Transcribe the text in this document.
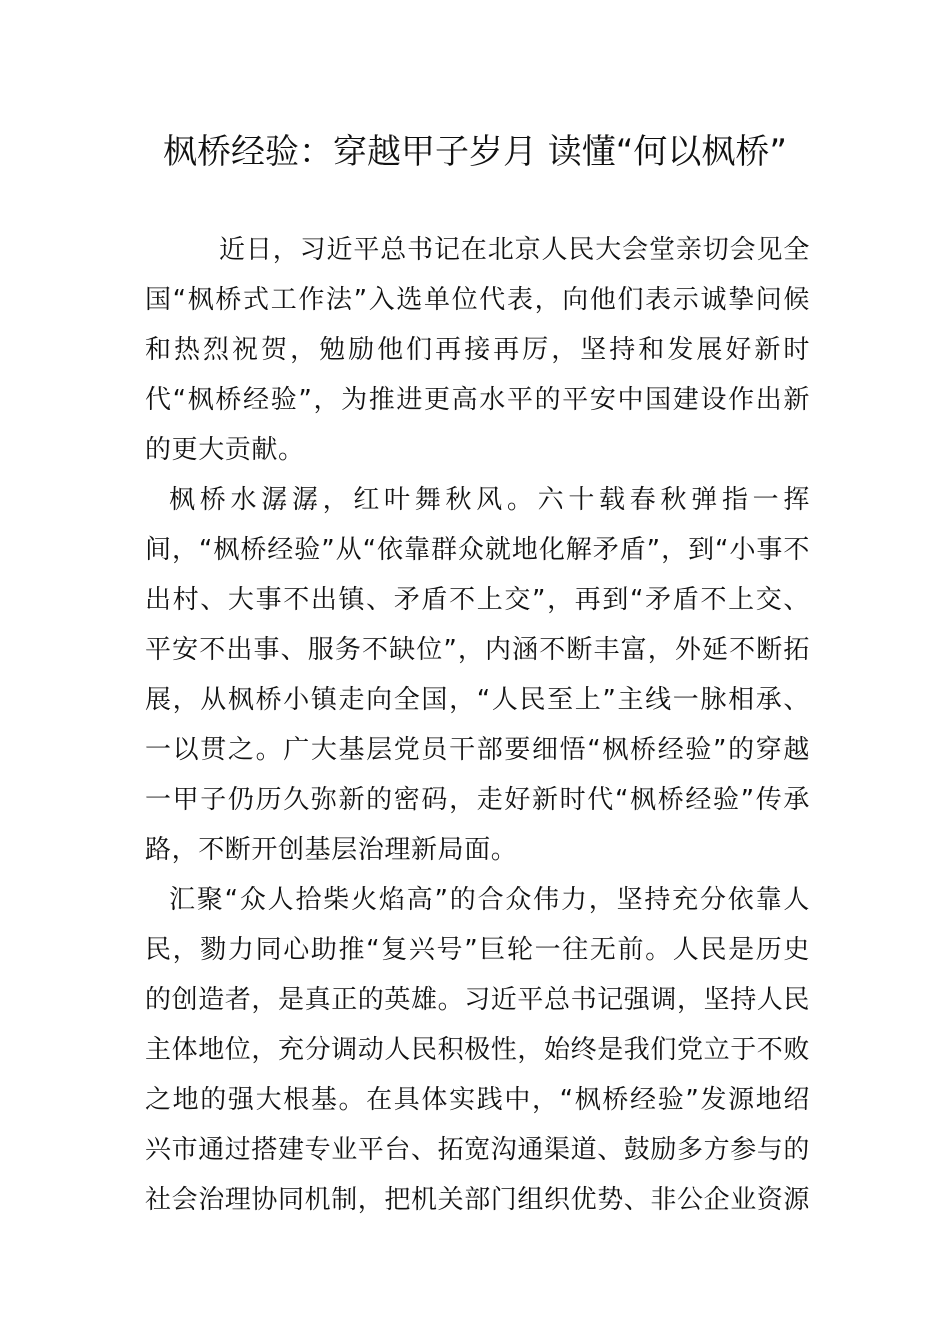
枫桥经验：穿越甲子岁月 读懂“何以枫桥”

近日，习近平总书记在北京人民大会堂亲切会见全国“枫桥式工作法”入选单位代表，向他们表示诚挚问候和热烈祝贺，勉励他们再接再厉，坚持和发展好新时代“枫桥经验”，为推进更高水平的平安中国建设作出新的更大贡献。

枫桥水潺潺，红叶舞秋风。六十载春秋弹指一挥间，“枫桥经验”从“依靠群众就地化解矛盾”，到“小事不出村、大事不出镇、矛盾不上交”，再到“矛盾不上交、平安不出事、服务不缺位”，内涵不断丰富，外延不断拓展，从枫桥小镇走向全国，“人民至上”主线一脉相承、一以贯之。广大基层党员干部要细悟“枫桥经验”的穿越一甲子仍历久弥新的密码，走好新时代“枫桥经验”传承路，不断开创基层治理新局面。

汇聚“众人拾柴火焰高”的合众伟力，坚持充分依靠人民，勠力同心助推“复兴号”巨轮一往无前。人民是历史的创造者，是真正的英雄。习近平总书记强调，坚持人民主体地位，充分调动人民积极性，始终是我们党立于不败之地的强大根基。在具体实践中，“枫桥经验”发源地绍兴市通过搭建专业平台、拓宽沟通渠道、鼓励多方参与的社会治理协同机制，把机关部门组织优势、非公企业资源
